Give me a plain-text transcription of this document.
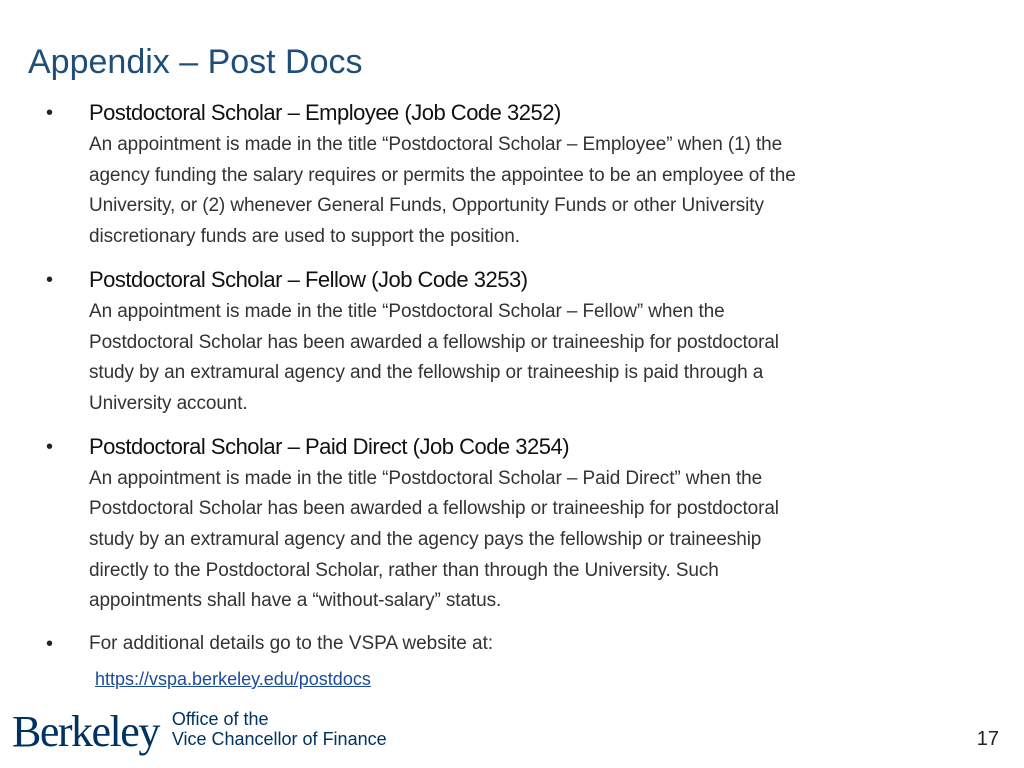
Appendix – Post Docs
• Postdoctoral Scholar – Employee (Job Code 3252)
An appointment is made in the title “Postdoctoral Scholar – Employee” when (1) the
agency funding the salary requires or permits the appointee to be an employee of the
University, or (2) whenever General Funds, Opportunity Funds or other University
discretionary funds are used to support the position.
• Postdoctoral Scholar – Fellow (Job Code 3253)
An appointment is made in the title “Postdoctoral Scholar – Fellow” when the
Postdoctoral Scholar has been awarded a fellowship or traineeship for postdoctoral
study by an extramural agency and the fellowship or traineeship is paid through a
University account.
• Postdoctoral Scholar – Paid Direct (Job Code 3254)
An appointment is made in the title “Postdoctoral Scholar – Paid Direct” when the
Postdoctoral Scholar has been awarded a fellowship or traineeship for postdoctoral
study by an extramural agency and the agency pays the fellowship or traineeship
directly to the Postdoctoral Scholar, rather than through the University. Such
appointments shall have a “without-salary” status.
• For additional details go to the VSPA website at:
https://vspa.berkeley.edu/postdocs
Berkeley Office of the
Vice Chancellor of Finance	17
